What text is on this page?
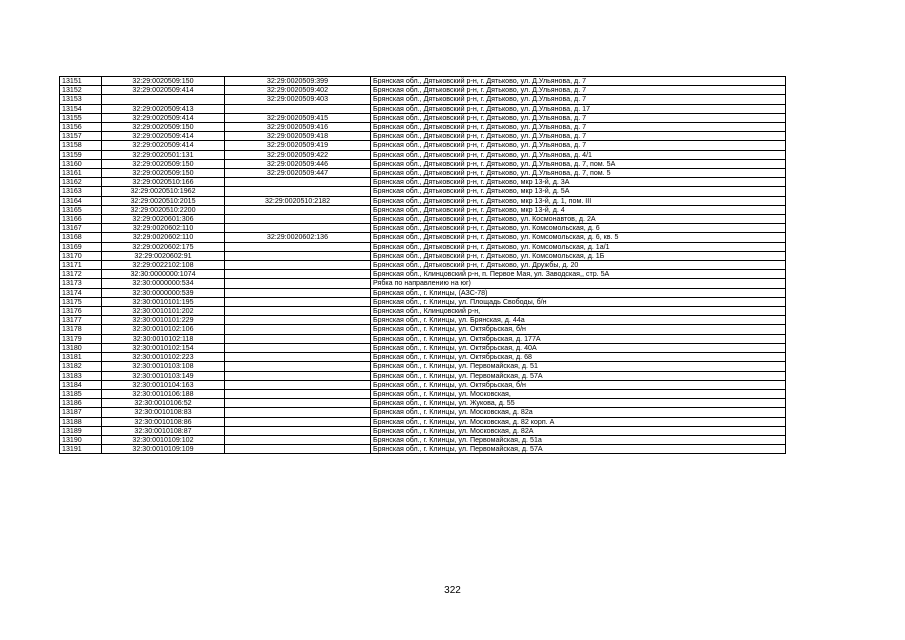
13151	32:29:0020509:150	32:29:0020509:399	Брянская обл., Дятьковский р-н, г. Дятьково, ул. Д.Ульянова, д. 7
13152	32:29:0020509:414	32:29:0020509:402	Брянская обл., Дятьковский р-н, г. Дятьково, ул. Д.Ульянова, д. 7
13153		32:29:0020509:403	Брянская обл., Дятьковский р-н, г. Дятьково, ул. Д.Ульянова, д. 7
13154	32:29:0020509:413		Брянская обл., Дятьковский р-н, г. Дятьково, ул. Д.Ульянова, д. 17
13155	32:29:0020509:414	32:29:0020509:415	Брянская обл., Дятьковский р-н, г. Дятьково, ул. Д.Ульянова, д. 7
13156	32:29:0020509:150	32:29:0020509:416	Брянская обл., Дятьковский р-н, г. Дятьково, ул. Д.Ульянова, д. 7
13157	32:29:0020509:414	32:29:0020509:418	Брянская обл., Дятьковский р-н, г. Дятьково, ул. Д.Ульянова, д. 7
13158	32:29:0020509:414	32:29:0020509:419	Брянская обл., Дятьковский р-н, г. Дятьково, ул. Д.Ульянова, д. 7
13159	32:29:0020501:131	32:29:0020509:422	Брянская обл., Дятьковский р-н, г. Дятьково, ул. Д.Ульянова, д. 4/1
13160	32:29:0020509:150	32:29:0020509:446	Брянская обл., Дятьковский р-н, г. Дятьково, ул. Д.Ульянова, д. 7, пом. 5А
13161	32:29:0020509:150	32:29:0020509:447	Брянская обл., Дятьковский р-н, г. Дятьково, ул. Д.Ульянова, д. 7, пом. 5
13162	32:29:0020510:166		Брянская обл., Дятьковский р-н, г. Дятьково, мкр 13-й, д. 3А
13163	32:29:0020510:1962		Брянская обл., Дятьковский р-н, г. Дятьково, мкр 13-й, д. 5А
13164	32:29:0020510:2015	32:29:0020510:2182	Брянская обл., Дятьковский р-н, г. Дятьково, мкр 13-й, д. 1, пом. III
13165	32:29:0020510:2200		Брянская обл., Дятьковский р-н, г. Дятьково, мкр 13-й, д. 4
13166	32:29:0020601:306		Брянская обл., Дятьковский р-н, г. Дятьково, ул. Космонавтов, д. 2А
13167	32:29:0020602:110		Брянская обл., Дятьковский р-н, г. Дятьково, ул. Комсомольская, д. 6
13168	32:29:0020602:110	32:29:0020602:136	Брянская обл., Дятьковский р-н, г. Дятьково, ул. Комсомольская, д. 6, кв. 5
13169	32:29:0020602:175		Брянская обл., Дятьковский р-н, г. Дятьково, ул. Комсомольская, д. 1а/1
13170	32:29:0020602:91		Брянская обл., Дятьковский р-н, г. Дятьково, ул. Комсомольская, д. 1Б
13171	32:29:0022102:108		Брянская обл., Дятьковский р-н, г. Дятьково, ул. Дружбы, д. 20
13172	32:30:0000000:1074		Брянская обл., Клинцовский р-н, п. Первое Мая, ул. Заводская,, стр. 5А
13173	32:30:0000000:534		Рябка по направлению на юг)
13174	32:30:0000000:539		Брянская обл., г. Клинцы, (АЗС-78)
13175	32:30:0010101:195		Брянская обл., г. Клинцы, ул. Площадь Свободы, б/н
13176	32:30:0010101:202		Брянская обл., Клинцовский р-н,
13177	32:30:0010101:229		Брянская обл., г. Клинцы, ул. Брянская, д. 44а
13178	32:30:0010102:106		Брянская обл., г. Клинцы, ул. Октябрьская, б/н
13179	32:30:0010102:118		Брянская обл., г. Клинцы, ул. Октябрьская, д. 177А
13180	32:30:0010102:154		Брянская обл., г. Клинцы, ул. Октябрьская, д. 40А
13181	32:30:0010102:223		Брянская обл., г. Клинцы, ул. Октябрьская, д. 68
13182	32:30:0010103:108		Брянская обл., г. Клинцы, ул. Первомайская, д. 51
13183	32:30:0010103:149		Брянская обл., г. Клинцы, ул. Первомайская, д. 57А
13184	32:30:0010104:163		Брянская обл., г. Клинцы, ул. Октябрьская, б/н
13185	32:30:0010106:188		Брянская обл., г. Клинцы, ул. Московская,
13186	32:30:0010106:52		Брянская обл., г. Клинцы, ул. Жукова, д. 55
13187	32:30:0010108:83		Брянская обл., г. Клинцы, ул. Московская, д. 82а
13188	32:30:0010108:86		Брянская обл., г. Клинцы, ул. Московская, д. 82 корп. А
13189	32:30:0010108:87		Брянская обл., г. Клинцы, ул. Московская, д. 82А
13190	32:30:0010109:102		Брянская обл., г. Клинцы, ул. Первомайская, д. 51а
13191	32:30:0010109:109		Брянская обл., г. Клинцы, ул. Первомайская, д. 57А
322
